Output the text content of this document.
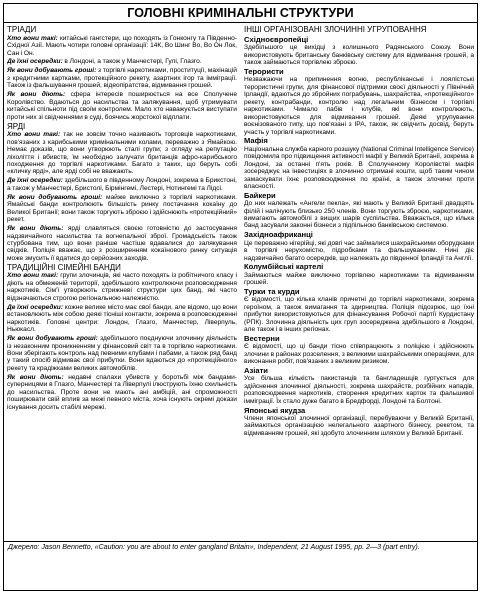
ГОЛОВНІ КРИМІНАЛЬНІ СТРУКТУРИ
ТРІАДИ
Хто вони такі: китайські гангстери, що походять із Гонконгу та Південно-Східної Азії. Мають чотири головні організації: 14К, Во Шинг Во, Во Он Лок, Сан і Он.
Де їхні осередки: в Лондоні, а також у Манчестері, Гулі, Глазго.
Як вони добувають гроші: з торгівлі наркотиками, проституції, махінацій з кредитними картками, протекційного рекету, азартних ігор та імміграції. Також із фальшування грошей, відеопіратства, відмивання грошей.
Як вони діють: сфера інтересів поширюється на все Сполучене Королівство. Вдаються до насильства та залякування, щоб утримувати китайські спільноти під своїм контролем. Мало хто наважується виступати проти них зі свідченнями в суді, боячись жорстокої відплати.
ЯРДІ
Хто вони такі: так не зовсім точно називають торговців наркотиками, пов'язаних з карибськими кримінальними колами, переважно з Ямайкою. Немає доказів, що вони утворюють сталі групи; з огляду на репутацію ліхоліття і вбивств, їм необхідно залучати британців афро-карибського походження до торгівлі наркотиками. Багато з таких, що беруть собі «кличку ярді», але ярді собі не вважають.
Де їхні осередки: здебільшого в південному Лондоні, зокрема в Брикстоні, а також у Манчестері, Бристолі, Бірмінгемі, Лестері, Нотингемі та Лідсі.
Як вони добувають гроші: майже виключно з торгівлі наркотиками. Ямайські банди контролюють більшість ринку постачання кокаїну до Великої Британії; вони також торгують зброєю і здійснюють «протекційний» рекет.
Як вони діють: ярді славляться своєю готовністю до застосування надзвичайного насильства та вогнепальної зброї. Громадськість також стурбована тим, що вони раніше частіше вдавалися до залякування свідків. Поліція вважає, що з розширенням кокаїнового ринку ситуація може змусить її вдатися до серйозних заходів.
ТРАДИЦІЙНІ СІМЕЙНІ БАНДИ
Хто вони такі: групи злочинців, які часто походять із робітничого класу і діють на обмеженій території, здебільшого контролюючи розповсюдження наркотиків. Сім'ї утворюють стрижневі структури цих банд, які часто відзначаються строгою регіональною належністю.
Де їхні осередки: кожне велике місто має свої банди, але відомо, що вони встановлюють між собою деякі тісніші контакти, зокрема в розповсюдженні наркотиків. Головні центри: Лондон, Глазго, Манчестер, Ліверпуль, Ньюкасл.
Як вони добувають гроші: здебільшого поєднуючи злочинну діяльність із незаконним проникненням у фінансовий світ та в торгівлю наркотиками. Вони зберігають контроль над певними клубами і пабами, а також ряд банд у такий спосіб відмиває свої прибутки. Вони вдаються до «протекційного» рекету та крадіжками великих автомобілів.
Як вони діють: недавні спалахи убивств у боротьбі між бандами-суперницями в Глазго, Манчестері та Ліверпулі ілюструють їхню схильність до насильства. Проте вони не мають ані амбіцій, ані спроможності поширювати свій вплив за межі певного міста, хоча існують окремі докази існування досить стабілі мережі.
ІНШІ ОРГАНІЗОВАНІ ЗЛОЧИННІ УГРУПОВАННЯ
Східноєвропейці
Здебільшого це вихідці з колишнього Радянського Союзу. Вони використовують британську банківську систему для відмивання грошей, а також займаються торгівлею зброєю.
Терористи
Незважаючи на припинення вогню, республіканські і лоялістські терористичні групи, для фінансової підтримки своєї діяльності у Північній Ірландії, вдаються до збройних пограбувань, шахрайства, «протекційного» рекету, контрабанди, контролю над легальним бізнесом і торгівлі наркотиками. Чимало пабів і клубів, які вони контролюють, використовуються для відмивання грошей. Деякі угрупування воєнізованого типу, що пов'язані з ІРА, також, як свідчить досвід, беруть участь у торгівлі наркотиками.
Мафія
Національна служба карного розшуку (National Criminal Intelligence Service) повідомила про підвищення активності мафії у Великій Британії, зокрема в Лондоні, за останні п'ять років. В Сполученому Королівстві мафія зосереджує на інвестиціях в злочинно отримані кошти, щоб таким чином замаскувати їхнє розповсюдження по країні, а також злочини проти власності.
Байкери
До них належать «Ангели пекла», які мають у Великій Британії двадцять філій і налічують близько 250 членів. Вони торгують зброєю, наркотиками, вимагають автомобілі з вищих шарів суспільства. Вважається, що кілька банд засували законні бізнеси з підпільною банківською системою.
Західноафриканці
Це переважно нігерійці, які довгі час займалися шахрайськими оборудками в торгівлі нерухомістю, підробками та фальшуванням. Нині діє надзвичайно багато осередків, що належать до південної Ірландії та Англії.
Колумбійські картелі
Займаються майже виключно торгівлею наркотиками та відмиванням грошей.
Турки та курди
Є відомості, що кілька кланів причетні до торгівлі наркотиками, зокрема героїном, а також вимагання та здирництва. Поліція підозрює, що їхні прибутки використовуються для фінансування Робочої партії Курдистану (РПК). Злочинна діяльність цих груп зосереджена здебільшого в Лондоні, але також і в інших регіонах.
Вестерни
Є відомості, що ці банди тісно співпрацюють з поліцією і здійснюють злочини в районах розселення, з великими шахрайськими операціями, для виконання робіт, пов'язаних з великим ризиком.
Азіати
Усе більша кількість пакистанців та бангладешців гуртується для здійснення злочинної діяльності, зокрема шахрайств, розбійних нападів, розповсюдження наркотиків, створення кредитних карток та фальшивої імміграції. Їх стало дуже багато в Бредфорді, Лондоні та Болтоні.
Японські якудза
Члени японської злочинної організації, перебуваючи у Великій Британії, займаються організацією нелегального азартного бізнесу, рекетом, та відмиванням грошей, які здобуто злочинним шляхом у Великій Британії.
Джерело: Jason Bennetto, «Caution: you are about to enter gangland Britain», Independent, 21 August 1995, pp. 2—3 (part entry).
